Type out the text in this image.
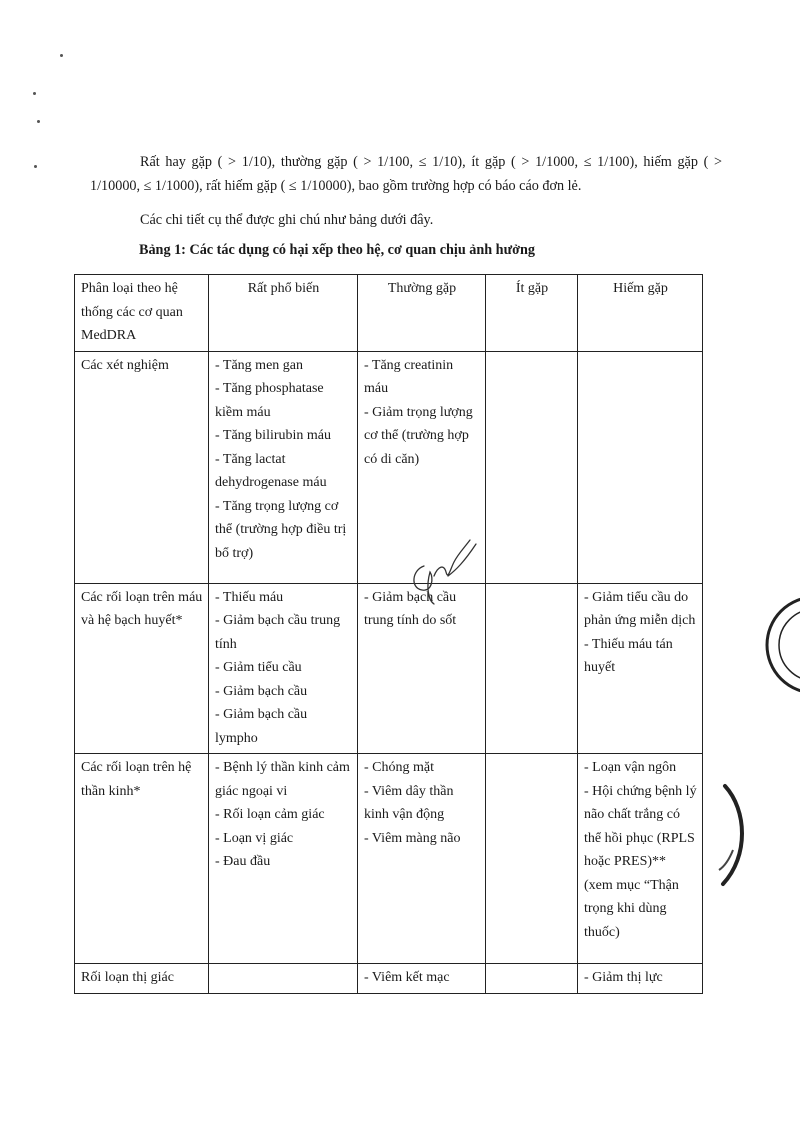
Rất hay gặp ( > 1/10), thường gặp ( > 1/100, ≤ 1/10), ít gặp ( > 1/1000, ≤ 1/100), hiếm gặp ( > 1/10000, ≤ 1/1000), rất hiếm gặp ( ≤ 1/10000), bao gồm trường hợp có báo cáo đơn lẻ.
Các chi tiết cụ thể được ghi chú như bảng dưới đây.
Bảng 1: Các tác dụng có hại xếp theo hệ, cơ quan chịu ảnh hưởng
Phân loại theo hệ thống các cơ quan MedDRA	Rất phổ biến	Thường gặp	Ít gặp	Hiếm gặp
Các xét nghiệm	- Tăng men gan
- Tăng phosphatase kiềm máu
- Tăng bilirubin máu
- Tăng lactat dehydrogenase máu
- Tăng trọng lượng cơ thể (trường hợp điều trị bổ trợ)	- Tăng creatinin máu
- Giảm trọng lượng cơ thể (trường hợp có di căn)		

Các rối loạn trên máu và hệ bạch huyết*	- Thiếu máu
- Giảm bạch cầu trung tính
- Giảm tiểu cầu
- Giảm bạch cầu
- Giảm bạch cầu lympho	- Giảm bạch cầu trung tính do sốt		- Giảm tiểu cầu do phản ứng miễn dịch
- Thiếu máu tán huyết

Các rối loạn trên hệ thần kinh*	- Bệnh lý thần kinh cảm giác ngoại vi
- Rối loạn cảm giác
- Loạn vị giác
- Đau đầu	- Chóng mặt
- Viêm dây thần kinh vận động
- Viêm màng não		- Loạn vận ngôn
- Hội chứng bệnh lý não chất trắng có thể hồi phục (RPLS hoặc PRES)** (xem mục “Thận trọng khi dùng thuốc)

Rối loạn thị giác		- Viêm kết mạc		- Giảm thị lực
